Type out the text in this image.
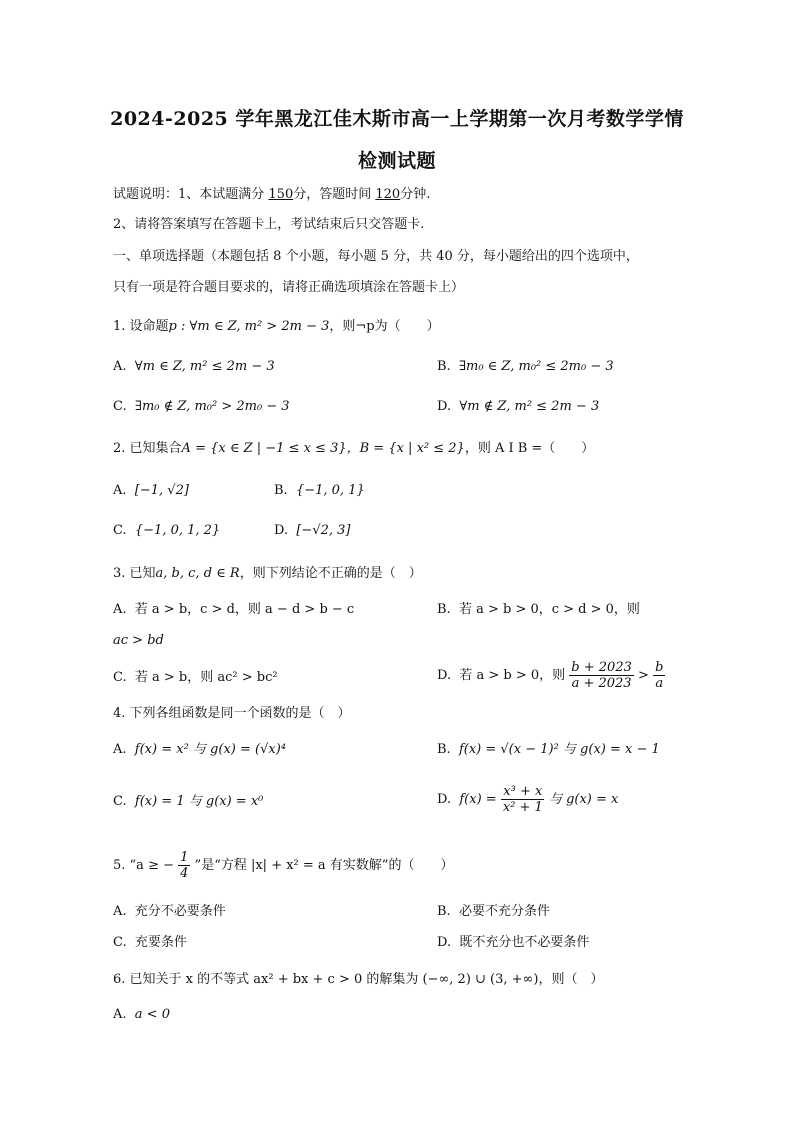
2024-2025 学年黑龙江佳木斯市高一上学期第一次月考数学学情
检测试题
试题说明：1、本试题满分 150分，答题时间 120分钟.
2、请将答案填写在答题卡上，考试结束后只交答题卡.
一、单项选择题（本题包括 8 个小题，每小题 5 分，共 40 分，每小题给出的四个选项中，
只有一项是符合题目要求的，请将正确选项填涂在答题卡上）
1. 设命题p : ∀m ∈ Z, m² > 2m − 3，则¬p为（　　）
A. ∀m ∈ Z, m² ≤ 2m − 3	B. ∃m₀ ∈ Z, m₀² ≤ 2m₀ − 3
C. ∃m₀ ∉ Z, m₀² > 2m₀ − 3	D. ∀m ∉ Z, m² ≤ 2m − 3
2. 已知集合A = {x ∈ Z | −1 ≤ x ≤ 3}，B = {x | x² ≤ 2}，则 A I B =（　　）
A. [−1, √2]	B. {−1, 0, 1}
C. {−1, 0, 1, 2}	D. [−√2, 3]
3. 已知a, b, c, d ∈ R，则下列结论不正确的是（　）
A. 若 a > b，c > d，则 a − d > b − c	B. 若 a > b > 0，c > d > 0，则
ac > bd
C. 若 a > b，则 ac² > bc²	D. 若 a > b > 0，则 $\frac{b + 2023}{a + 2023} > \frac{b}{a}$
4. 下列各组函数是同一个函数的是（　）
A. f(x) = x² 与 g(x) = (√x)⁴	B. f(x) = √(x − 1)² 与 g(x) = x − 1
C. f(x) = 1 与 g(x) = x⁰	D. $f(x) = \frac{\text{x³ + x}}{\text{x² + 1}}$ 与 g(x) = x
5. “a ≥ − $\frac{1}{4}$ ”是“方程 |x| + x² = a 有实数解”的（　　）
A. 充分不必要条件	B. 必要不充分条件
C. 充要条件	D. 既不充分也不必要条件
6. 已知关于 x 的不等式 ax² + bx + c > 0 的解集为 (−∞, 2) ∪ (3, +∞)，则（　）
A. a < 0
